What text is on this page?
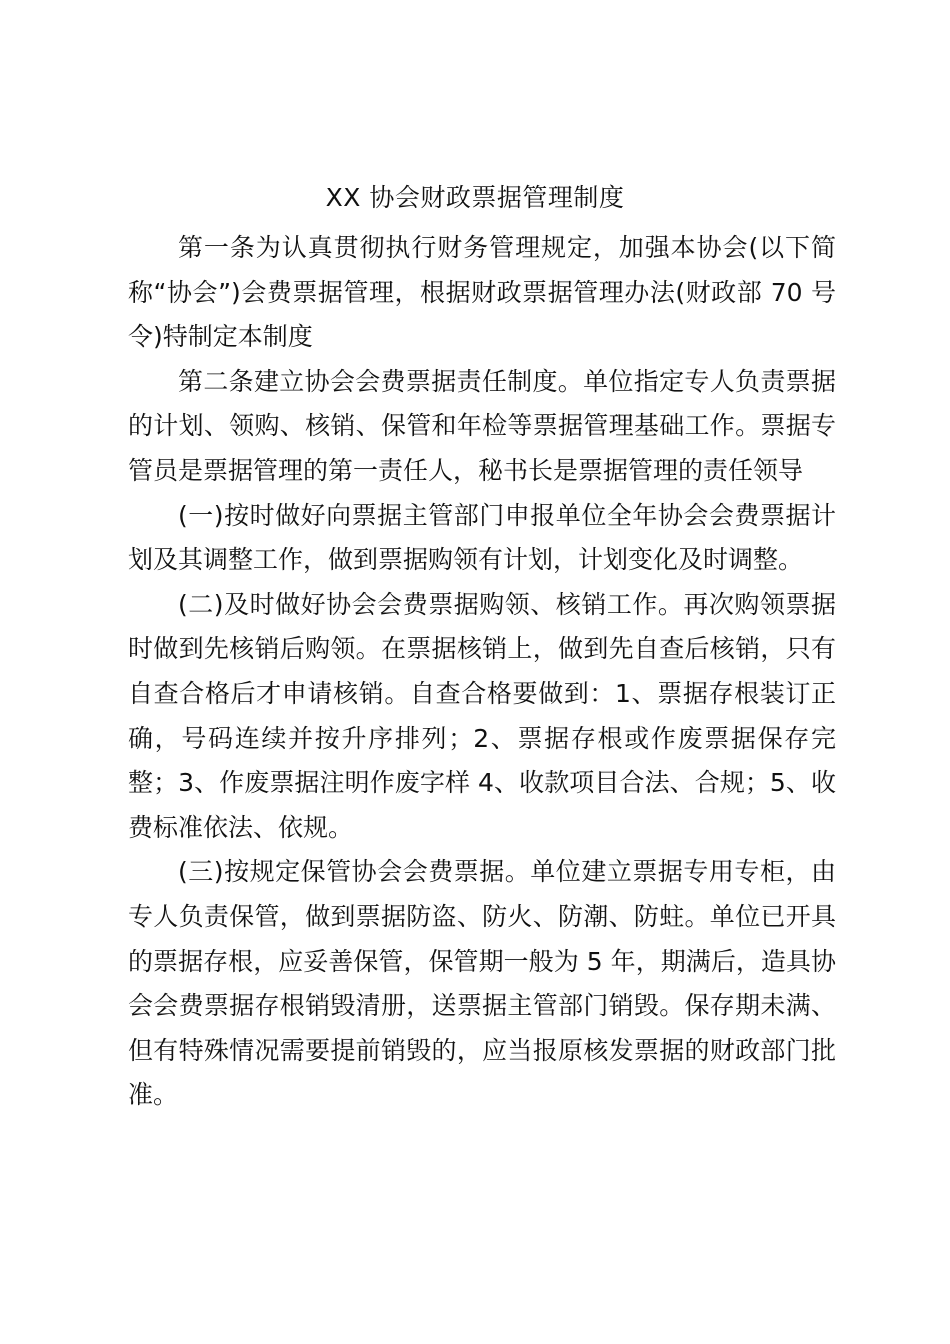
XX 协会财政票据管理制度

第一条为认真贯彻执行财务管理规定，加强本协会(以下简称“协会”)会费票据管理，根据财政票据管理办法(财政部 70 号令)特制定本制度

第二条建立协会会费票据责任制度。单位指定专人负责票据的计划、领购、核销、保管和年检等票据管理基础工作。票据专管员是票据管理的第一责任人，秘书长是票据管理的责任领导

(一)按时做好向票据主管部门申报单位全年协会会费票据计划及其调整工作，做到票据购领有计划，计划变化及时调整。

(二)及时做好协会会费票据购领、核销工作。再次购领票据时做到先核销后购领。在票据核销上，做到先自查后核销，只有自查合格后才申请核销。自查合格要做到：1、票据存根装订正确，号码连续并按升序排列；2、票据存根或作废票据保存完整；3、作废票据注明作废字样 4、收款项目合法、合规；5、收费标准依法、依规。

(三)按规定保管协会会费票据。单位建立票据专用专柜，由专人负责保管，做到票据防盗、防火、防潮、防蛀。单位已开具的票据存根，应妥善保管，保管期一般为 5 年，期满后，造具协会会费票据存根销毁清册，送票据主管部门销毁。保存期未满、但有特殊情况需要提前销毁的，应当报原核发票据的财政部门批准。
